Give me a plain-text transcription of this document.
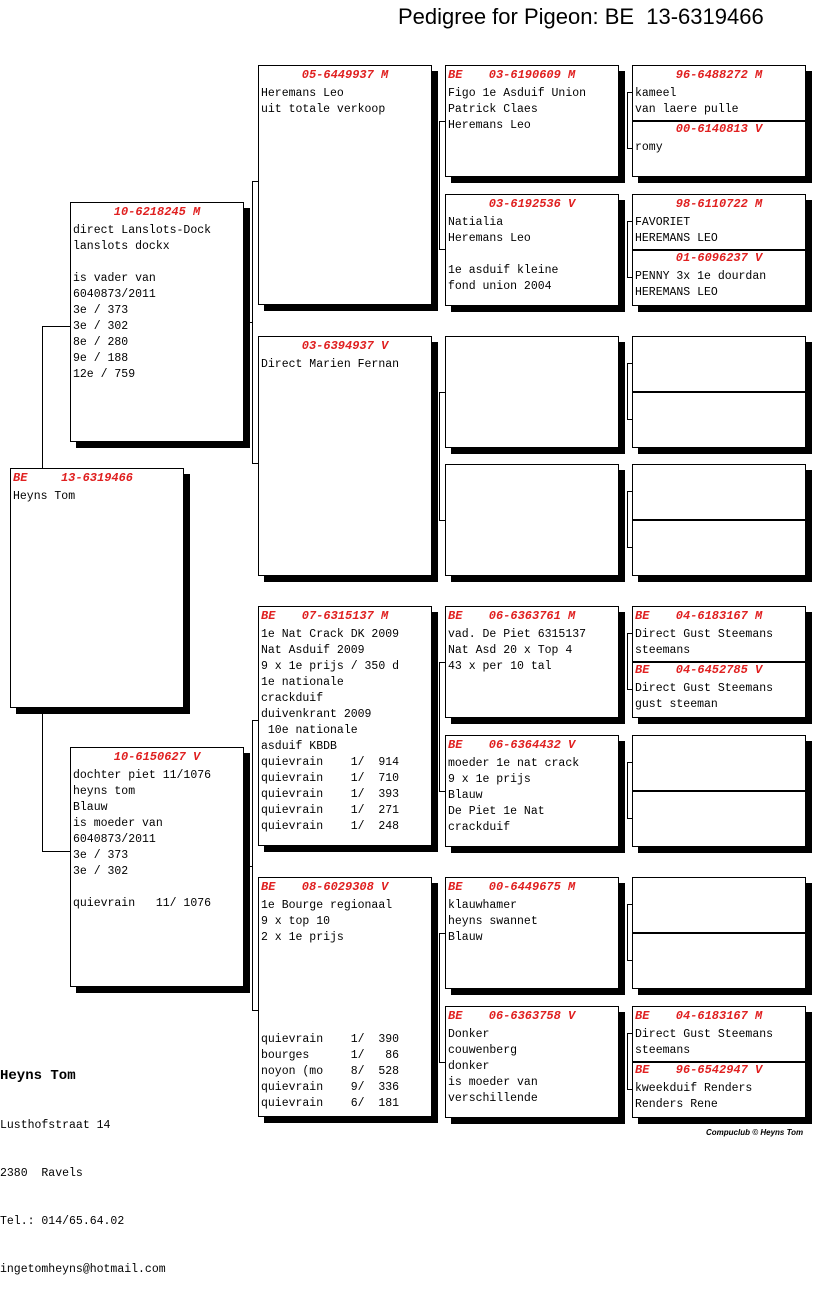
Pedigree for Pigeon: BE  13-6319466
BE	13-6319466
Heyns Tom
10-6218245 M
direct Lanslots-Dock
lanslots dockx

is vader van
6040873/2011
3e / 373
3e / 302
8e / 280
9e / 188
12e / 759
10-6150627 V
dochter piet 11/1076
heyns tom
Blauw
is moeder van
6040873/2011
3e / 373
3e / 302

quievrain   11/ 1076
05-6449937 M
Heremans Leo
uit totale verkoop
03-6394937 V
Direct Marien Fernan
BE	07-6315137 M
1e Nat Crack DK 2009
Nat Asduif 2009
9 x 1e prijs / 350 d
1e nationale
crackduif
duivenkrant 2009
10e nationale
asduif KBDB
quievrain    1/  914
quievrain    1/  710
quievrain    1/  393
quievrain    1/  271
quievrain    1/  248
BE	08-6029308 V
1e Bourge regionaal
9 x top 10
2 x 1e prijs
quievrain    1/  390
bourges      1/   86
noyon (mo    8/  528
quievrain    9/  336
quievrain    6/  181
BE	03-6190609 M
Figo 1e Asduif Union
Patrick Claes
Heremans Leo
03-6192536 V
Natialia
Heremans Leo

1e asduif kleine
fond union 2004

BE	06-6363761 M
vad. De Piet 6315137
Nat Asd 20 x Top 4
43 x per 10 tal
BE	06-6364432 V
moeder 1e nat crack
9 x 1e prijs
Blauw
De Piet 1e Nat
crackduif
BE	00-6449675 M
klauwhamer
heyns swannet
Blauw
BE	06-6363758 V
Donker
couwenberg
donker
is moeder van
verschillende
96-6488272 M
kameel
van laere pulle
00-6140813 V
romy
98-6110722 M
FAVORIET
HEREMANS LEO
01-6096237 V
PENNY 3x 1e dourdan
HEREMANS LEO

BE	04-6183167 M
Direct Gust Steemans
steemans
BE	04-6452785 V
Direct Gust Steemans
gust steeman

BE	04-6183167 M
Direct Gust Steemans
steemans
BE	96-6542947 V
kweekduif Renders
Renders Rene

Heyns Tom

Lusthofstraat 14

2380  Ravels

Tel.: 014/65.64.02

ingetomheyns@hotmail.com

Compuclub © Heyns Tom
